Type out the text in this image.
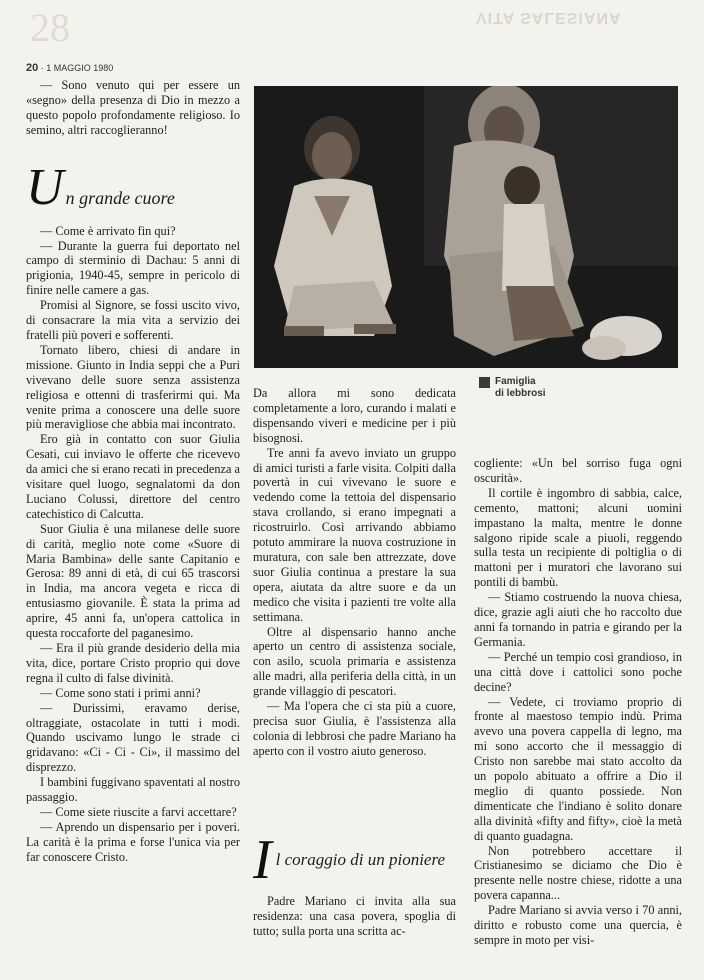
28	VITA SALESIANA
20 · 1 MAGGIO 1980
Famiglia
di lebbrosi

— Sono venuto qui per essere un «segno» della presenza di Dio in mezzo a questo popolo profondamente religioso. Io semino, altri raccoglieranno!

U n grande cuore

— Come è arrivato fin qui?

— Durante la guerra fui deportato nel campo di sterminio di Dachau: 5 anni di prigionia, 1940-45, sempre in pericolo di finire nelle camere a gas.

Promisi al Signore, se fossi uscito vivo, di consacrare la mia vita a servizio dei fratelli più poveri e sofferenti.

Tornato libero, chiesi di andare in missione. Giunto in India seppi che a Puri vivevano delle suore senza assistenza religiosa e ottenni di trasferirmi qui. Ma venite prima a conoscere una delle suore più meravigliose che abbia mai incontrato.

Ero già in contatto con suor Giulia Cesati, cui inviavo le offerte che ricevevo da amici che si erano recati in precedenza a visitare quel luogo, segnalatomi da don Luciano Colussi, direttore del centro catechistico di Calcutta.

Suor Giulia è una milanese delle suore di carità, meglio note come «Suore di Maria Bambina» delle sante Capitanio e Gerosa: 89 anni di età, di cui 65 trascorsi in India, ma ancora vegeta e ricca di entusiasmo giovanile. È stata la prima ad aprire, 45 anni fa, un'opera cattolica in questa roccaforte del paganesimo.

— Era il più grande desiderio della mia vita, dice, portare Cristo proprio qui dove regna il culto di false divinità.

— Come sono stati i primi anni?

— Durissimi, eravamo derise, oltraggiate, ostacolate in tutti i modi. Quando uscivamo lungo le strade ci gridavano: «Ci - Ci - Ci», il massimo del disprezzo.

I bambini fuggivano spaventati al nostro passaggio.

— Come siete riuscite a farvi accettare?

— Aprendo un dispensario per i poveri. La carità è la prima e forse l'unica via per far conoscere Cristo.

Da allora mi sono dedicata completamente a loro, curando i malati e dispensando viveri e medicine per i più bisognosi.

Tre anni fa avevo inviato un gruppo di amici turisti a farle visita. Colpiti dalla povertà in cui vivevano le suore e vedendo come la tettoia del dispensario stava crollando, si erano impegnati a ricostruirlo. Così arrivando abbiamo potuto ammirare la nuova costruzione in muratura, con sale ben attrezzate, dove suor Giulia continua a prestare la sua opera, aiutata da altre suore e da un medico che visita i pazienti tre volte alla settimana.

Oltre al dispensario hanno anche aperto un centro di assistenza sociale, con asilo, scuola primaria e assistenza alle madri, alla periferia della città, in un grande villaggio di pescatori.

— Ma l'opera che ci sta più a cuore, precisa suor Giulia, è l'assistenza alla colonia di lebbrosi che padre Mariano ha aperto con il vostro aiuto generoso.

I l coraggio di un pioniere

Padre Mariano ci invita alla sua residenza: una casa povera, spoglia di tutto; sulla porta una scritta ac-

cogliente: «Un bel sorriso fuga ogni oscurità».

Il cortile è ingombro di sabbia, calce, cemento, mattoni; alcuni uomini impastano la malta, mentre le donne salgono ripide scale a piuoli, reggendo sulla testa un recipiente di poltiglia o di mattoni per i muratori che lavorano sui pontili di bambù.

— Stiamo costruendo la nuova chiesa, dice, grazie agli aiuti che ho raccolto due anni fa tornando in patria e girando per la Germania.

— Perché un tempio così grandioso, in una città dove i cattolici sono poche decine?

— Vedete, ci troviamo proprio di fronte al maestoso tempio indù. Prima avevo una povera cappella di legno, ma mi sono accorto che il messaggio di Cristo non sarebbe mai stato accolto da un popolo abituato a offrire a Dio il meglio di quanto possiede. Non dimenticate che l'indiano è solito donare alla divinità «fifty and fifty», cioè la metà di quanto guadagna.

Non potrebbero accettare il Cristianesimo se diciamo che Dio è presente nelle nostre chiese, ridotte a una povera capanna...

Padre Mariano si avvia verso i 70 anni, diritto e robusto come una quercia, è sempre in moto per visi-
